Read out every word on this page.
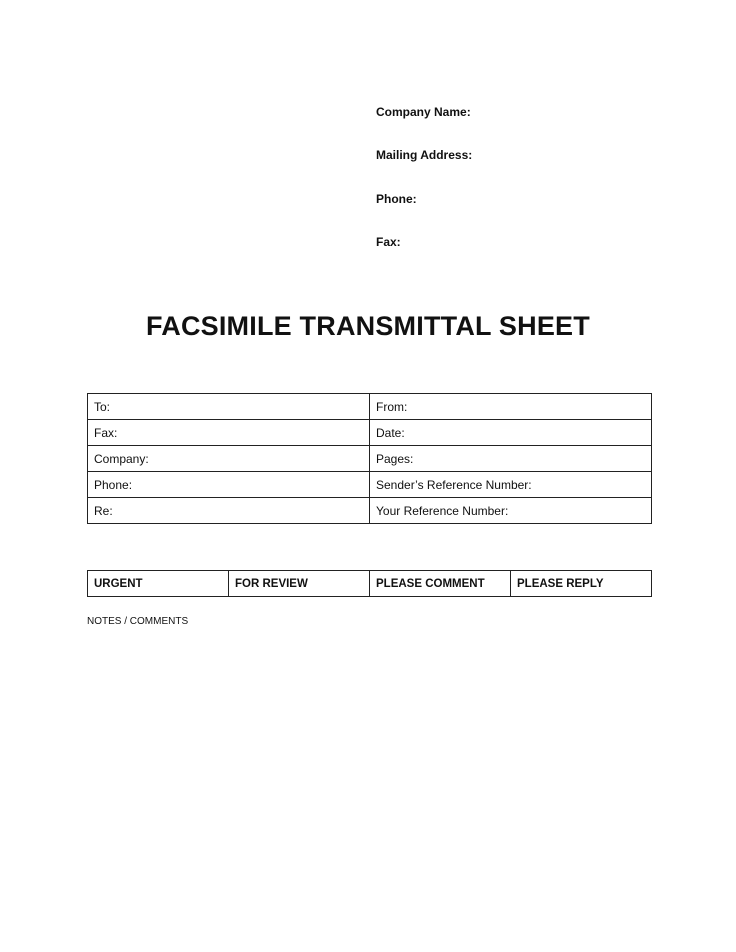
Company Name:
Mailing Address:
Phone:
Fax:
FACSIMILE TRANSMITTAL SHEET
To:	From:
Fax:	Date:
Company:	Pages:
Phone:	Sender’s Reference Number:
Re:	Your Reference Number:
URGENT	FOR REVIEW	PLEASE COMMENT	PLEASE REPLY
NOTES / COMMENTS
